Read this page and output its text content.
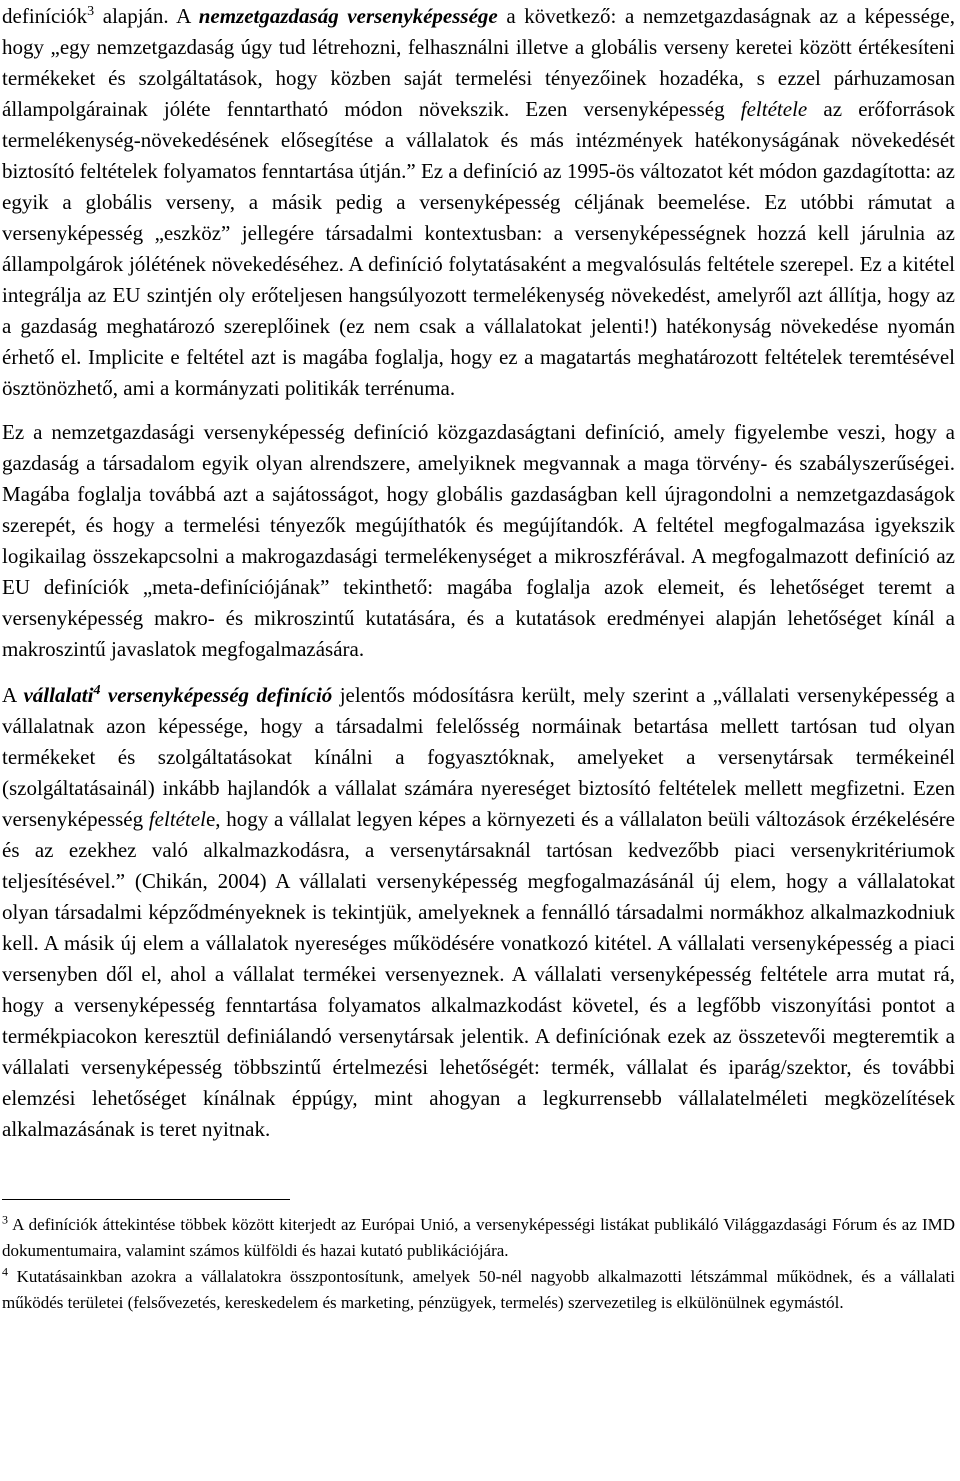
definíciók$^3$ alapján. A nemzetgazdaság versenyképessége a következő: a nemzetgazdaságnak az a képessége, hogy „egy nemzetgazdaság úgy tud létrehozni, felhasználni illetve a globális verseny keretei között értékesíteni termékeket és szolgáltatások, hogy közben saját termelési tényezőinek hozadéka, s ezzel párhuzamosan állampolgárainak jóléte fenntartható módon növekszik. Ezen versenyképesség feltétele az erőforrások termelékenység-növekedésének elősegítése a vállalatok és más intézmények hatékonyságának növekedését biztosító feltételek folyamatos fenntartása útján.” Ez a definíció az 1995-ös változatot két módon gazdagította: az egyik a globális verseny, a másik pedig a versenyképesség céljának beemelése. Ez utóbbi rámutat a versenyképesség „eszköz” jellegére társadalmi kontextusban: a versenyképességnek hozzá kell járulnia az állampolgárok jólétének növekedéséhez. A definíció folytatásaként a megvalósulás feltétele szerepel. Ez a kitétel integrálja az EU szintjén oly erőteljesen hangsúlyozott termelékenység növekedést, amelyről azt állítja, hogy az a gazdaság meghatározó szereplőinek (ez nem csak a vállalatokat jelenti!) hatékonyság növekedése nyomán érhető el. Implicite e feltétel azt is magába foglalja, hogy ez a magatartás meghatározott feltételek teremtésével ösztönözhető, ami a kormányzati politikák terrénuma.

Ez a nemzetgazdasági versenyképesség definíció közgazdaságtani definíció, amely figyelembe veszi, hogy a gazdaság a társadalom egyik olyan alrendszere, amelyiknek megvannak a maga törvény- és szabályszerűségei. Magába foglalja továbbá azt a sajátosságot, hogy globális gazdaságban kell újragondolni a nemzetgazdaságok szerepét, és hogy a termelési tényezők megújíthatók és megújítandók. A feltétel megfogalmazása igyekszik logikailag összekapcsolni a makrogazdasági termelékenységet a mikroszférával. A megfogalmazott definíció az EU definíciók „meta-definíciójának” tekinthető: magába foglalja azok elemeit, és lehetőséget teremt a versenyképesség makro- és mikroszintű kutatására, és a kutatások eredményei alapján lehetőséget kínál a makroszintű javaslatok megfogalmazására.

A vállalati$^4$ versenyképesség definíció jelentős módosításra került, mely szerint a „vállalati versenyképesség a vállalatnak azon képessége, hogy a társadalmi felelősség normáinak betartása mellett tartósan tud olyan termékeket és szolgáltatásokat kínálni a fogyasztóknak, amelyeket a versenytársak termékeinél (szolgáltatásainál) inkább hajlandók a vállalat számára nyereséget biztosító feltételek mellett megfizetni. Ezen versenyképesség feltétele, hogy a vállalat legyen képes a környezeti és a vállalaton beüli változások érzékelésére és az ezekhez való alkalmazkodásra, a versenytársaknál tartósan kedvezőbb piaci versenykritériumok teljesítésével.” (Chikán, 2004) A vállalati versenyképesség megfogalmazásánál új elem, hogy a vállalatokat olyan társadalmi képződményeknek is tekintjük, amelyeknek a fennálló társadalmi normákhoz alkalmazkodniuk kell. A másik új elem a vállalatok nyereséges működésére vonatkozó kitétel. A vállalati versenyképesség a piaci versenyben dől el, ahol a vállalat termékei versenyeznek. A vállalati versenyképesség feltétele arra mutat rá, hogy a versenyképesség fenntartása folyamatos alkalmazkodást követel, és a legfőbb viszonyítási pontot a termékpiacokon keresztül definiálandó versenytársak jelentik. A definíciónak ezek az összetevői megteremtik a vállalati versenyképesség többszintű értelmezési lehetőségét: termék, vállalat és iparág/szektor, és további elemzési lehetőséget kínálnak éppúgy, mint ahogyan a legkurrensebb vállalatelméleti megközelítések alkalmazásának is teret nyitnak.

$^3$ A definíciók áttekintése többek között kiterjedt az Európai Unió, a versenyképességi listákat publikáló Világgazdasági Fórum és az IMD dokumentumaira, valamint számos külföldi és hazai kutató publikációjára.

$^4$ Kutatásainkban azokra a vállalatokra összpontosítunk, amelyek 50-nél nagyobb alkalmazotti létszámmal működnek, és a vállalati működés területei (felsővezetés, kereskedelem és marketing, pénzügyek, termelés) szervezetileg is elkülönülnek egymástól.
